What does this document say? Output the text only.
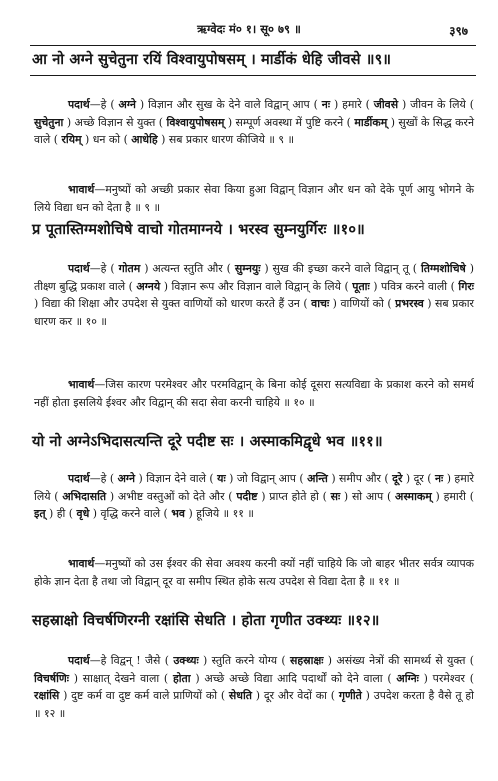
ऋग्वेदः मं० १। सू० ७९ ॥	३९७
आ नो अग्ने सुचेतुना रयिं विश्वायुपोषसम् । मार्डीकं धेहि जीवसे ॥९॥
पदार्थ—हे ( अग्ने ) विज्ञान और सुख के देने वाले विद्वान् आप ( नः ) हमारे ( जीवसे ) जीवन के लिये ( सुचेतुना ) अच्छे विज्ञान से युक्त ( विश्वायुपोषसम् ) सम्पूर्ण अवस्था में पुष्टि करने ( मार्डीकम् ) सुखों के सिद्ध करने वाले ( रयिम् ) धन को ( आधेहि ) सब प्रकार धारण कीजिये ॥ ९ ॥
भावार्थ—मनुष्यों को अच्छी प्रकार सेवा किया हुआ विद्वान् विज्ञान और धन को देके पूर्ण आयु भोगने के लिये विद्या धन को देता है ॥ ९ ॥
प्र पूतास्तिग्मशोचिषे वाचो गोतमाग्नये । भरस्व सुम्नयुर्गिरः ॥१०॥
पदार्थ—हे ( गोतम ) अत्यन्त स्तुति और ( सुम्नयुः ) सुख की इच्छा करने वाले विद्वान् तू ( तिग्मशोचिषे ) तीक्ष्ण बुद्धि प्रकाश वाले ( अग्नये ) विज्ञान रूप और विज्ञान वाले विद्वान् के लिये ( पूताः ) पवित्र करने वाली ( गिरः ) विद्या की शिक्षा और उपदेश से युक्त वाणियों को धारण करते हैं उन ( वाचः ) वाणियों को ( प्रभरस्व ) सब प्रकार धारण कर ॥ १० ॥
भावार्थ—जिस कारण परमेश्वर और परमविद्वान् के बिना कोई दूसरा सत्यविद्या के प्रकाश करने को समर्थ नहीं होता इसलिये ईश्वर और विद्वान् की सदा सेवा करनी चाहिये ॥ १० ॥
यो नो अग्नेऽभिदासत्यन्ति दूरे पदीष्ट सः । अस्माकमिद्वृधे भव ॥११॥
पदार्थ—हे ( अग्ने ) विज्ञान देने वाले ( यः ) जो विद्वान् आप ( अन्ति ) समीप और ( दूरे ) दूर ( नः ) हमारे लिये ( अभिदासति ) अभीष्ट वस्तुओं को देते और ( पदीष्ट ) प्राप्त होते हो ( सः ) सो आप ( अस्माकम् ) हमारी ( इत् ) ही ( वृधे ) वृद्धि करने वाले ( भव ) हूजिये ॥ ११ ॥
भावार्थ—मनुष्यों को उस ईश्वर की सेवा अवश्य करनी क्यों नहीं चाहिये कि जो बाहर भीतर सर्वत्र व्यापक होके ज्ञान देता है तथा जो विद्वान् दूर वा समीप स्थित होके सत्य उपदेश से विद्या देता है ॥ ११ ॥
सहस्राक्षो विचर्षणिरग्नी रक्षांसि सेधति । होता गृणीत उक्थ्यः ॥१२॥
पदार्थ—हे विद्वन् ! जैसे ( उक्थ्यः ) स्तुति करने योग्य ( सहस्राक्षः ) असंख्य नेत्रों की सामर्थ्य से युक्त ( विचर्षणिः ) साक्षात् देखने वाला ( होता ) अच्छे अच्छे विद्या आदि पदार्थों को देने वाला ( अग्निः ) परमेश्वर ( रक्षांसि ) दुष्ट कर्म वा दुष्ट कर्म वाले प्राणियों को ( सेधति ) दूर और वेदों का ( गृणीते ) उपदेश करता है वैसे तू हो ॥ १२ ॥
